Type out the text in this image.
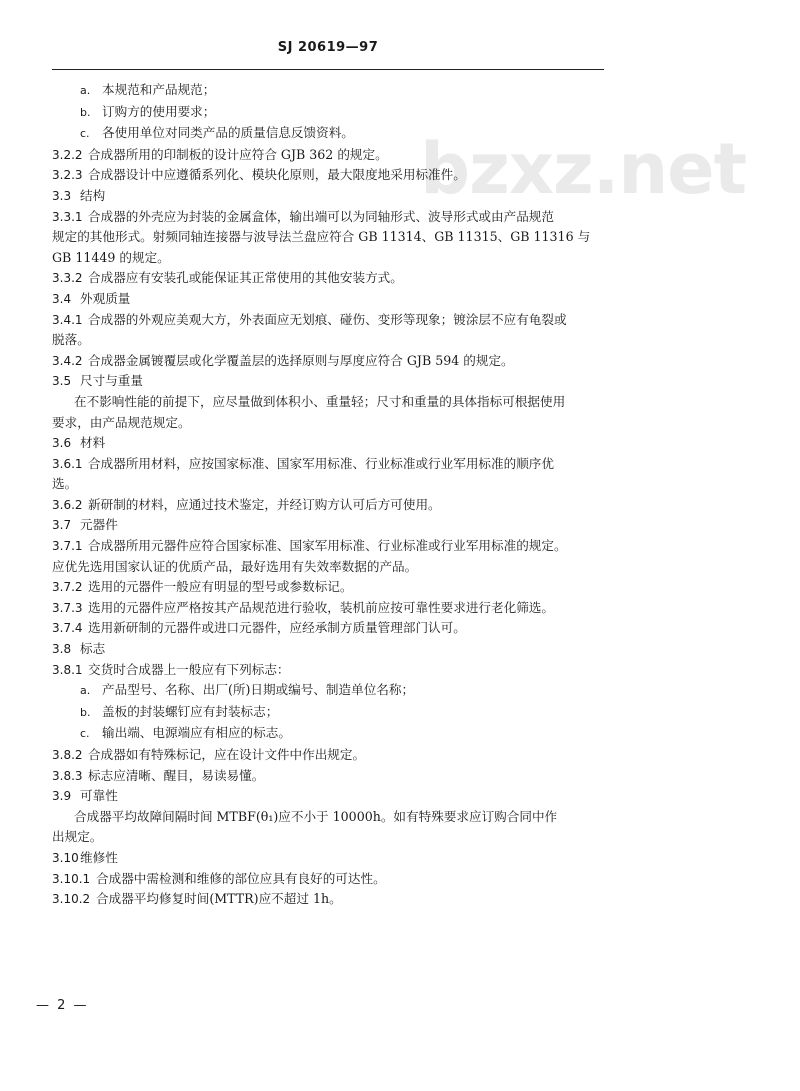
SJ 20619—97
bzxz.net
a. 本规范和产品规范；
b. 订购方的使用要求；
c. 各使用单位对同类产品的质量信息反馈资料。
3.2.2 合成器所用的印制板的设计应符合 GJB 362 的规定。
3.2.3 合成器设计中应遵循系列化、模块化原则，最大限度地采用标准件。
3.3 结构
3.3.1 合成器的外壳应为封装的金属盒体，输出端可以为同轴形式、波导形式或由产品规范
规定的其他形式。射频同轴连接器与波导法兰盘应符合 GB 11314、GB 11315、GB 11316 与
GB 11449 的规定。
3.3.2 合成器应有安装孔或能保证其正常使用的其他安装方式。
3.4 外观质量
3.4.1 合成器的外观应美观大方，外表面应无划痕、碰伤、变形等现象；镀涂层不应有龟裂或
脱落。
3.4.2 合成器金属镀覆层或化学覆盖层的选择原则与厚度应符合 GJB 594 的规定。
3.5 尺寸与重量
在不影响性能的前提下，应尽量做到体积小、重量轻；尺寸和重量的具体指标可根据使用
要求，由产品规范规定。
3.6 材料
3.6.1 合成器所用材料，应按国家标准、国家军用标准、行业标准或行业军用标准的顺序优
选。
3.6.2 新研制的材料，应通过技术鉴定，并经订购方认可后方可使用。
3.7 元器件
3.7.1 合成器所用元器件应符合国家标准、国家军用标准、行业标准或行业军用标准的规定。
应优先选用国家认证的优质产品，最好选用有失效率数据的产品。
3.7.2 选用的元器件一般应有明显的型号或参数标记。
3.7.3 选用的元器件应严格按其产品规范进行验收，装机前应按可靠性要求进行老化筛选。
3.7.4 选用新研制的元器件或进口元器件，应经承制方质量管理部门认可。
3.8 标志
3.8.1 交货时合成器上一般应有下列标志：
a. 产品型号、名称、出厂(所)日期或编号、制造单位名称；
b. 盖板的封装螺钉应有封装标志；
c. 输出端、电源端应有相应的标志。
3.8.2 合成器如有特殊标记，应在设计文件中作出规定。
3.8.3 标志应清晰、醒目，易读易懂。
3.9 可靠性
合成器平均故障间隔时间 MTBF(θ₁)应不小于 10000h。如有特殊要求应订购合同中作
出规定。
3.10维修性
3.10.1 合成器中需检测和维修的部位应具有良好的可达性。
3.10.2 合成器平均修复时间(MTTR)应不超过 1h。
— 2 —
